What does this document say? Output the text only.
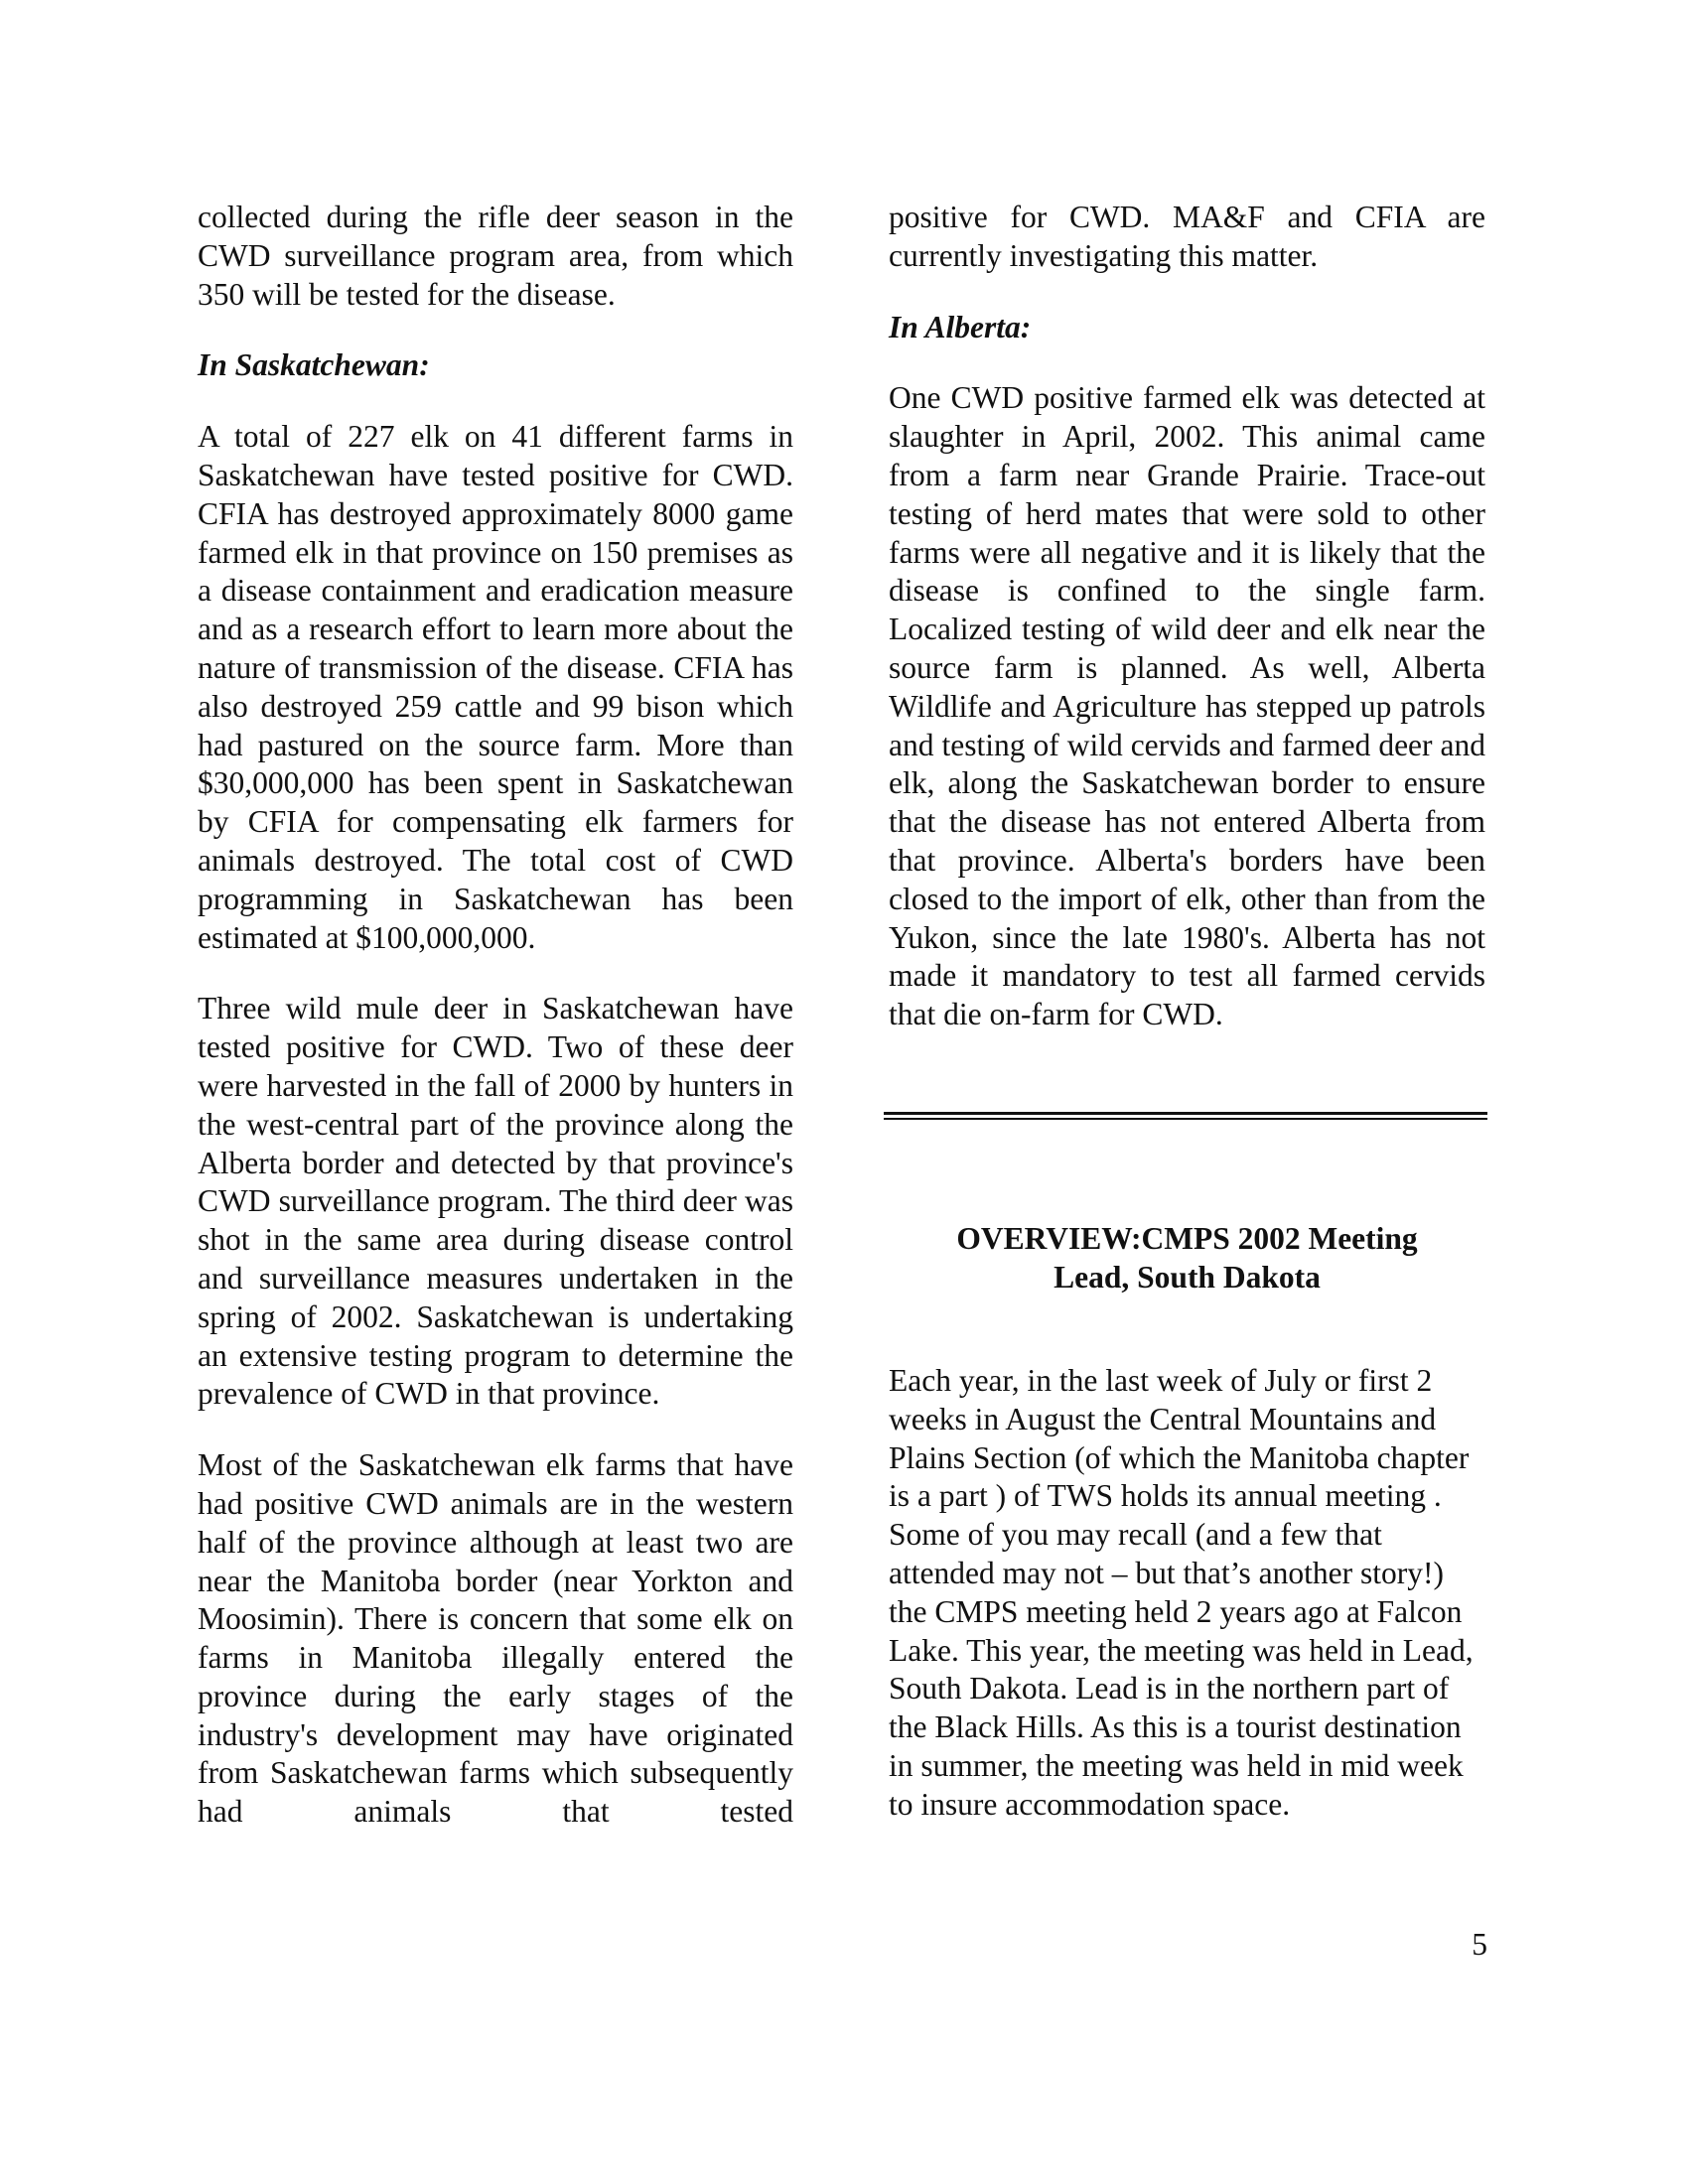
collected during the rifle deer season in the CWD surveillance program area, from which 350 will be tested for the disease.

In Saskatchewan:

A total of 227 elk on 41 different farms in Saskatchewan have tested positive for CWD. CFIA has destroyed approximately 8000 game farmed elk in that province on 150 premises as a disease containment and eradication measure and as a research effort to learn more about the nature of transmission of the disease. CFIA has also destroyed 259 cattle and 99 bison which had pastured on the source farm. More than $30,000,000 has been spent in Saskatchewan by CFIA for compensating elk farmers for animals destroyed. The total cost of CWD programming in Saskatchewan has been estimated at $100,000,000.

Three wild mule deer in Saskatchewan have tested positive for CWD. Two of these deer were harvested in the fall of 2000 by hunters in the west-central part of the province along the Alberta border and detected by that province's CWD surveillance program. The third deer was shot in the same area during disease control and surveillance measures undertaken in the spring of 2002. Saskatchewan is undertaking an extensive testing program to determine the prevalence of CWD in that province.

Most of the Saskatchewan elk farms that have had positive CWD animals are in the western half of the province although at least two are near the Manitoba border (near Yorkton and Moosimin). There is concern that some elk on farms in Manitoba illegally entered the province during the early stages of the industry's development may have originated from Saskatchewan farms which subsequently had animals that tested

positive for CWD. MA&F and CFIA are currently investigating this matter.

In Alberta:

One CWD positive farmed elk was detected at slaughter in April, 2002. This animal came from a farm near Grande Prairie. Trace-out testing of herd mates that were sold to other farms were all negative and it is likely that the disease is confined to the single farm. Localized testing of wild deer and elk near the source farm is planned. As well, Alberta Wildlife and Agriculture has stepped up patrols and testing of wild cervids and farmed deer and elk, along the Saskatchewan border to ensure that the disease has not entered Alberta from that province. Alberta's borders have been closed to the import of elk, other than from the Yukon, since the late 1980's. Alberta has not made it mandatory to test all farmed cervids that die on-farm for CWD.

OVERVIEW:CMPS 2002 Meeting
Lead, South Dakota

Each year, in the last week of July or first 2 weeks in August the Central Mountains and Plains Section (of which the Manitoba chapter is a part ) of TWS holds its annual meeting . Some of you may recall (and a few that attended may not – but that’s another story!) the CMPS meeting held 2 years ago at Falcon Lake. This year, the meeting was held in Lead, South Dakota. Lead is in the northern part of the Black Hills. As this is a tourist destination in summer, the meeting was held in mid week to insure accommodation space.

5
